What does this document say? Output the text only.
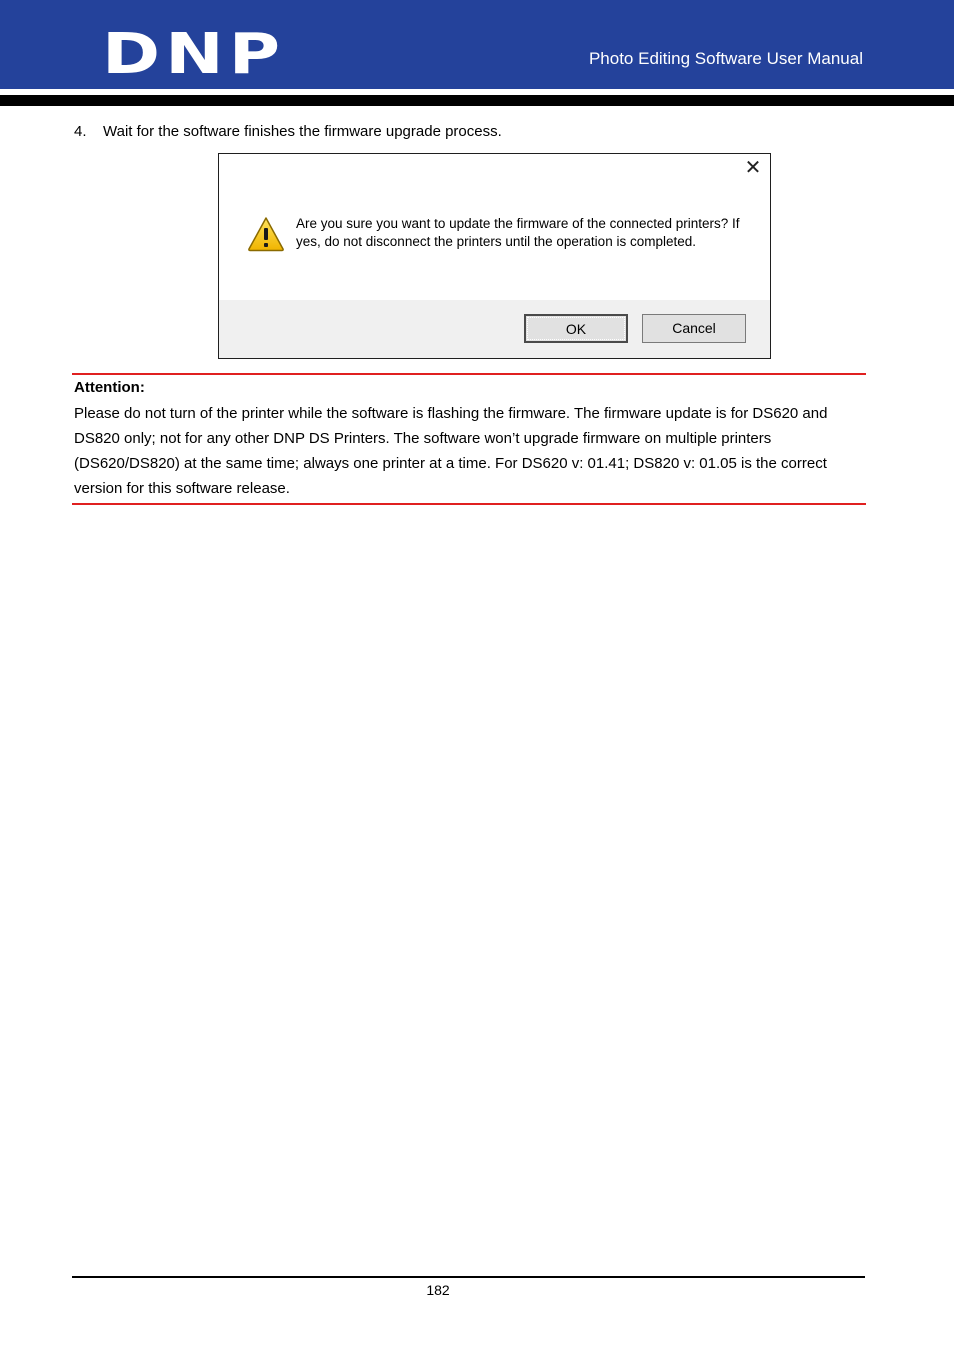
DNP	Photo Editing Software User Manual
4. Wait for the software finishes the firmware upgrade process.
✕
Are you sure you want to update the firmware of the connected printers? If yes, do not disconnect the printers until the operation is completed.
OK	Cancel
Attention:
Please do not turn of the printer while the software is flashing the firmware. The firmware update is for DS620 and DS820 only; not for any other DNP DS Printers. The software won’t upgrade firmware on multiple printers (DS620/DS820) at the same time; always one printer at a time. For DS620 v: 01.41; DS820 v: 01.05 is the correct version for this software release.
182
